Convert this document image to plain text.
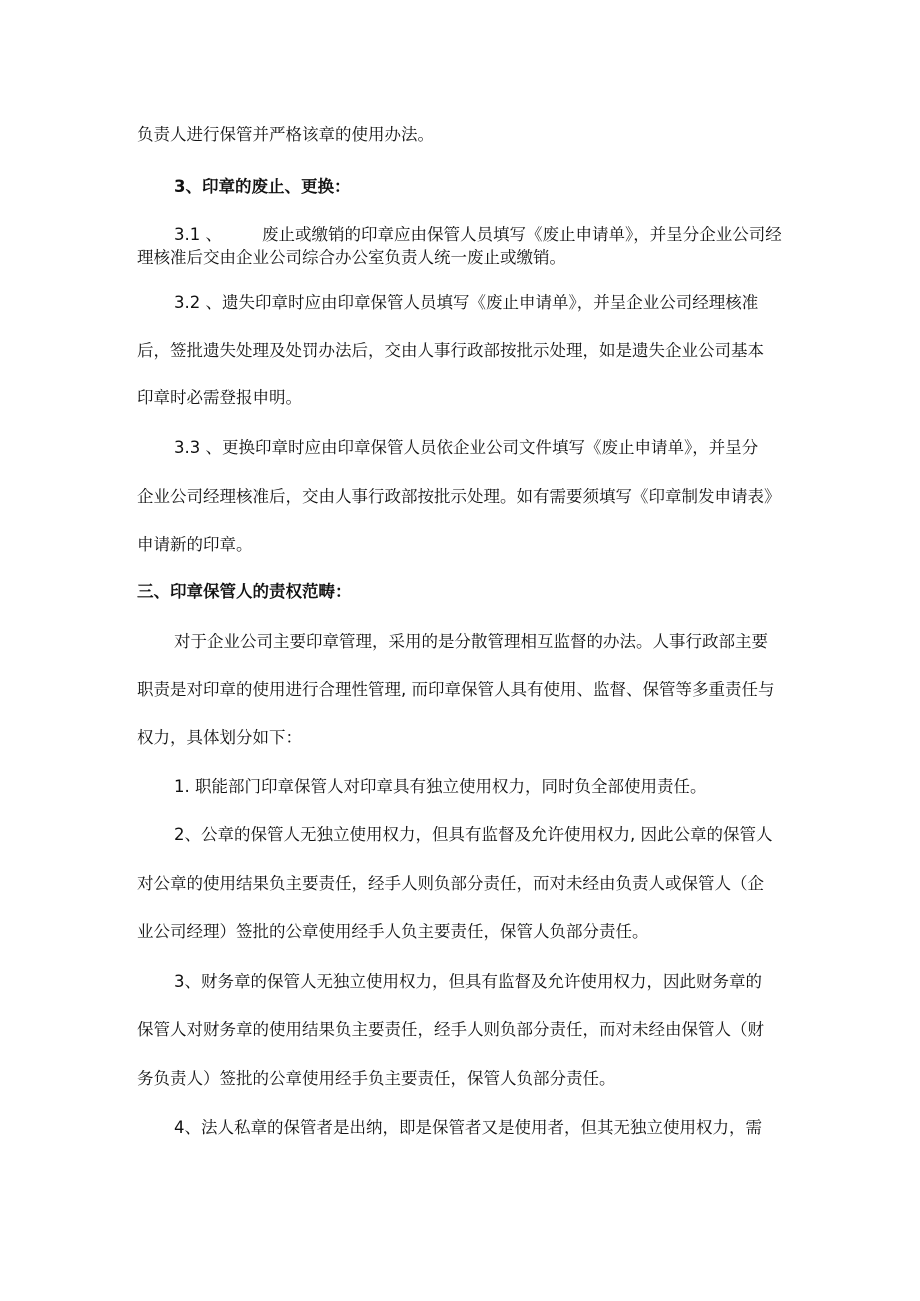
负责人进行保管并严格该章的使用办法。
3、印章的废止、更换：
3.1 、 废止或缴销的印章应由保管人员填写《废止申请单》，并呈分企业公司经
理核准后交由企业公司综合办公室负责人统一废止或缴销。
3.2 、遗失印章时应由印章保管人员填写《废止申请单》，并呈企业公司经理核准
后，签批遗失处理及处罚办法后，交由人事行政部按批示处理，如是遗失企业公司基本
印章时必需登报申明。
3.3 、更换印章时应由印章保管人员依企业公司文件填写《废止申请单》，并呈分
企业公司经理核准后，交由人事行政部按批示处理。如有需要须填写《印章制发申请表》
申请新的印章。
三、印章保管人的责权范畴：
对于企业公司主要印章管理，采用的是分散管理相互监督的办法。人事行政部主要
职责是对印章的使用进行合理性管理, 而印章保管人具有使用、监督、保管等多重责任与
权力，具体划分如下：
1. 职能部门印章保管人对印章具有独立使用权力，同时负全部使用责任。
2、公章的保管人无独立使用权力，但具有监督及允许使用权力, 因此公章的保管人
对公章的使用结果负主要责任，经手人则负部分责任，而对未经由负责人或保管人（企
业公司经理）签批的公章使用经手人负主要责任，保管人负部分责任。
3、财务章的保管人无独立使用权力，但具有监督及允许使用权力，因此财务章的
保管人对财务章的使用结果负主要责任，经手人则负部分责任，而对未经由保管人（财
务负责人）签批的公章使用经手负主要责任，保管人负部分责任。
4、法人私章的保管者是出纳，即是保管者又是使用者，但其无独立使用权力，需
